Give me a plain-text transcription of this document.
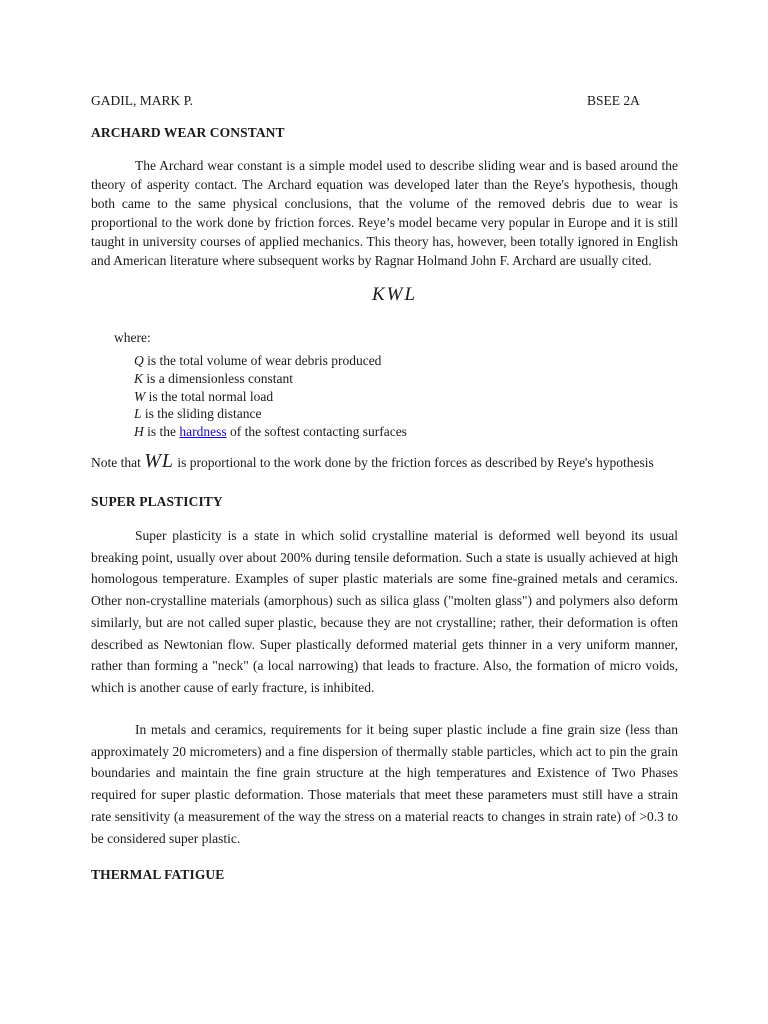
GADIL, MARK P.	BSEE 2A
ARCHARD WEAR CONSTANT
The Archard wear constant is a simple model used to describe sliding wear and is based around the theory of asperity contact. The Archard equation was developed later than the Reye's hypothesis, though both came to the same physical conclusions, that the volume of the removed debris due to wear is proportional to the work done by friction forces. Reye’s model became very popular in Europe and it is still taught in university courses of applied mechanics. This theory has, however, been totally ignored in English and American literature where subsequent works by Ragnar Holmand John F. Archard are usually cited.
KWL
where:
Q is the total volume of wear debris produced
K is a dimensionless constant
W is the total normal load
L is the sliding distance
H is the hardness of the softest contacting surfaces
Note that WL is proportional to the work done by the friction forces as described by Reye's hypothesis
SUPER PLASTICITY
Super plasticity is a state in which solid crystalline material is deformed well beyond its usual breaking point, usually over about 200% during tensile deformation. Such a state is usually achieved at high homologous temperature. Examples of super plastic materials are some fine-grained metals and ceramics. Other non-crystalline materials (amorphous) such as silica glass ("molten glass") and polymers also deform similarly, but are not called super plastic, because they are not crystalline; rather, their deformation is often described as Newtonian flow. Super plastically deformed material gets thinner in a very uniform manner, rather than forming a "neck" (a local narrowing) that leads to fracture. Also, the formation of micro voids, which is another cause of early fracture, is inhibited.
In metals and ceramics, requirements for it being super plastic include a fine grain size (less than approximately 20 micrometers) and a fine dispersion of thermally stable particles, which act to pin the grain boundaries and maintain the fine grain structure at the high temperatures and Existence of Two Phases required for super plastic deformation. Those materials that meet these parameters must still have a strain rate sensitivity (a measurement of the way the stress on a material reacts to changes in strain rate) of >0.3 to be considered super plastic.
THERMAL FATIGUE
